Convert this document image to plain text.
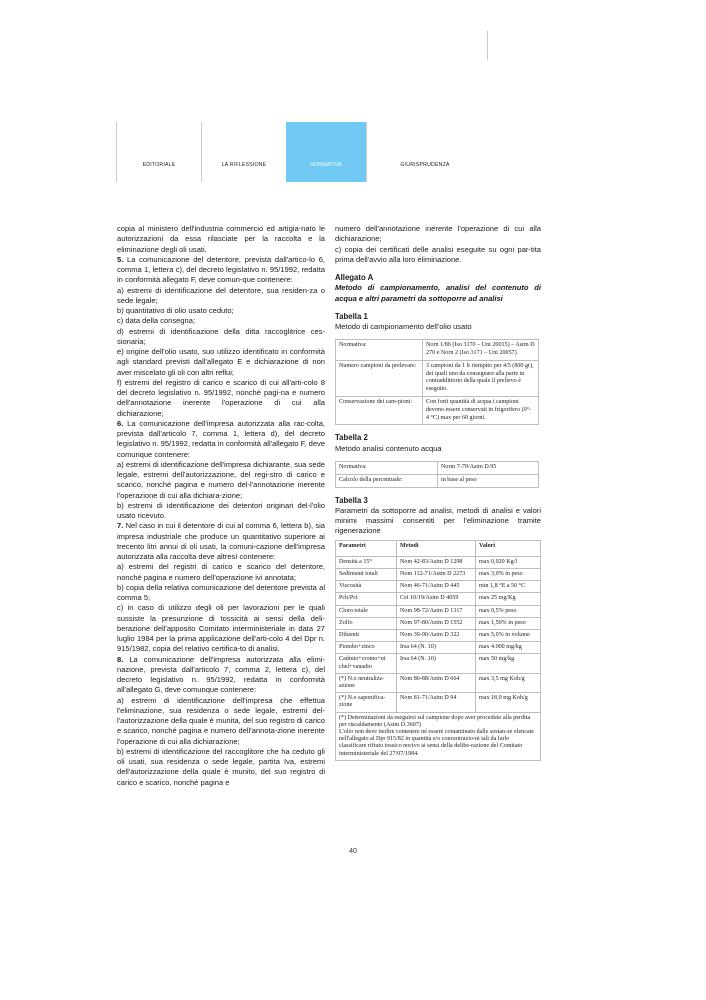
EDITORIALE	LA RIFLESSIONE	NORMATIVA	GIURISPRUDENZA

copia al ministero dell'industria commercio ed artigia-nato le autorizzazioni da essa rilasciate per la raccolta e la eliminazione degli oli usati.

5. La comunicazione del detentore, prevista dall'artico-lo 6, comma 1, lettera c), del decreto legislativo n. 95/1992, redatta in conformità allegato F, deve comun-que contenere:

a) estremi di identificazione del detentore, sua residen-za o sede legale;

b) quantitativo di olio usato ceduto;

c) data della consegna;

d) estremi di identificazione della ditta raccoglitrice ces-sionaria;

e) origine dell'olio usato, suo utilizzo identificato in conformità agli standard previsti dall'allegato E e dichiarazione di non aver miscelato gli oli con altri reflui;

f) estremi del registro di carico e scarico di cui all'arti-colo 8 del decreto legislativo n. 95/1992, nonché pagi-na e numero dell'annotazione inerente l'operazione di cui alla dichiarazione;

6. La comunicazione dell'impresa autorizzata alla rac-colta, prevista dall'articolo 7, comma 1, lettera d), del decreto legislativo n. 95/1992, redatta in conformità all'allegato F, deve comunque contenere:

a) estremi di identificazione dell'impresa dichiarante, sua sede legale, estremi dell'autorizzazione, del regi-stro di carico e scarico, nonché pagina e numero del-l'annotazione inerente l'operazione di cui alla dichiara-zione;

b) estremi di identificazione dei detentori originari del-l'olio usato ricevuto.

7. Nel caso in cui il detentore di cui al comma 6, lettera b), sia impresa industriale che produce un quantitativo superiore ai trecento litri annui di oli usati, la comuni-cazione dell'impresa autorizzata alla raccolta deve altresì contenere:

a) estremi del registri di carico e scarico del detentore, nonché pagina e numero dell'operazione ivi annotata;

b) copia della relativa comunicazione del detentore prevista al comma 5;

c) in caso di utilizzo degli oli per lavorazioni per le quali sussiste la presunzione di tossicità ai sensi della deli-berazione dell'apposito Comitato interministeriale in data 27 luglio 1984 per la prima applicazione dell'arti-colo 4 del Dpr n. 915/1982, copia del relativo certifica-to di analisi.

8. La comunicazione dell'impresa autorizzata alla elimi-nazione, prevista dall'articolo 7, comma 2, lettera c), del decreto legislativo n. 95/1992, redatta in conformità all'allegato G, deve comunque contenere:

a) estremi di identificazione dell'impresa che effettua l'eliminazione, sua residenza o sede legale, estremi del-l'autorizzazione della quale è munita, del suo registro di carico e scarico, nonché pagina e numero dell'annota-zione inerente l'operazione di cui alla dichiarazione;

b) estremi di identificazione del raccoglitore che ha ceduto gli oli usati, sua residenza o sede legale, partita Iva, estremi dell'autorizzazione della quale è munito, del suo registro di carico e scarico, nonché pagina e

numero dell'annotazione inerente l'operazione di cui alla dichiarazione;

c) copia dei certificati delle analisi eseguite su ogni par-tita prima dell'avvio alla loro eliminazione.

Allegato A

Metodo di campionamento, analisi del contenuto di acqua e altri parametri da sottoporre ad analisi

Tabella 1

Metodo di campionamento dell'olio usato

Normativa:	Norn 1/86 (Iso 3170 – Uni 20015) – Astm D 270 e Norn 2 (Iso 3171 – Uni 20057)
Numero campioni da prelevare:	3 campioni da 1 lt riempito per 4/5 (800 gr), dei quali uno da consegnare alla parte in contraddittorio della quale il prelievo è eseguito.
Conservazione dei cam-pioni:	Con forti quantità di acqua i campioni devono essere conservati in frigorifero (0°- 4 °C) max per 60 giorni.

Tabella 2

Metodo analisi contenuto acqua

Normativa:	Norm 7-70/Astm D.95
Calcolo della percentuale:	in base al peso

Tabella 3

Parametri da sottoporre ad analisi, metodi di analisi e valori minimi massimi consentiti per l'eliminazione tramite rigenerazione

Parametri	Metodi	Valori
Densità a 15°	Nom 42-83/Astm D 1298	max 0,920 Kg/l
Sedimenti totali	Nom 112-71/Astm D 2273	max 3,0% in peso
Viscosità	Nom 46-71/Astm D 445	min 1,8 °E a 50 °C
Pcb/Pct	Cei 10/19/Astm D 4059	max 25 mg/Kg
Cloro totale	Nom 98-72/Astm D 1317	max 0,5% peso
Zolfo	Nom 97-80/Astm D 1552	max 1,50% in peso
Diluenti	Nom 39-90/Astm D 322	max 5,0% in volume
Piombo+zinco	Irsa 64 (N. 10)	max 4.000 mg/kg
Cadmio+cromo+ni chel+vanadio	Irsa 64 (N. 10)	max 50 mg/kg
(*) N.o neutralizz-azione	Nom 86-88/Astm D 664	max 3,5 mg Koh/g
(*) N.o saponifica-zione	Nom 81-71/Astm D 94	max 18,0 mg Koh/g

(*) Determinazioni da eseguirsi sul campione dopo aver proceduto alla perdita per riscaldamento (Astm D.3607)
L'olio non deve inoltre contenere né essere contaminato dalle sostan-ze elencate nell'allegato al Dpr 915/82 in quantità e/o concentrazio-ni tali da farlo classificare rifiuto tossico nocivo ai sensi della delibe-razione del Comitato interministeriale del 27/07/1984.		
40
